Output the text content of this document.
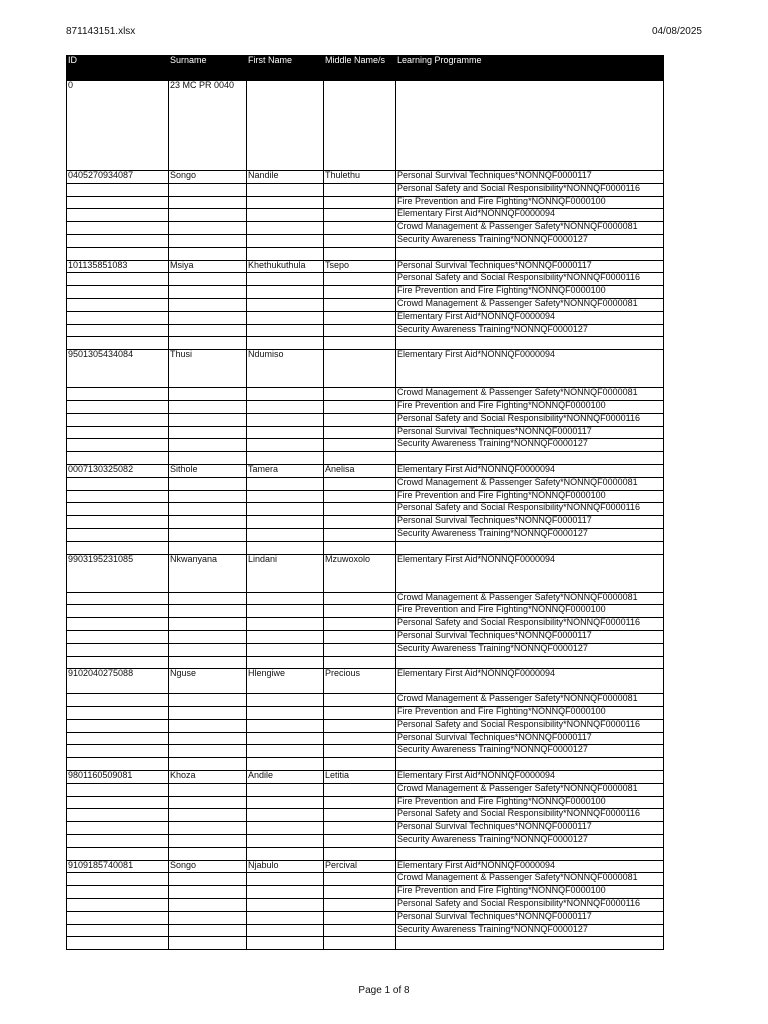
871143151.xlsx	04/08/2025
ID	Surname	First Name	Middle Name/s	Learning Programme
0	23 MC PR 0040			
0405270934087	Songo	Nandile	Thulethu	Personal Survival Techniques*NONNQF0000117
				Personal Safety and Social Responsibility*NONNQF0000116
				Fire Prevention and Fire Fighting*NONNQF0000100
				Elementary First Aid*NONNQF0000094
				Crowd Management & Passenger Safety*NONNQF0000081
				Security Awareness Training*NONNQF0000127

101135851083	Msiya	Khethukuthula	Tsepo	Personal Survival Techniques*NONNQF0000117
				Personal Safety and Social Responsibility*NONNQF0000116
				Fire Prevention and Fire Fighting*NONNQF0000100
				Crowd Management & Passenger Safety*NONNQF0000081
				Elementary First Aid*NONNQF0000094
				Security Awareness Training*NONNQF0000127

9501305434084	Thusi	Ndumiso		Elementary First Aid*NONNQF0000094
				Crowd Management & Passenger Safety*NONNQF0000081
				Fire Prevention and Fire Fighting*NONNQF0000100
				Personal Safety and Social Responsibility*NONNQF0000116
				Personal Survival Techniques*NONNQF0000117
				Security Awareness Training*NONNQF0000127

0007130325082	Sithole	Tamera	Anelisa	Elementary First Aid*NONNQF0000094
				Crowd Management & Passenger Safety*NONNQF0000081
				Fire Prevention and Fire Fighting*NONNQF0000100
				Personal Safety and Social Responsibility*NONNQF0000116
				Personal Survival Techniques*NONNQF0000117
				Security Awareness Training*NONNQF0000127

9903195231085	Nkwanyana	Lindani	Mzuwoxolo	Elementary First Aid*NONNQF0000094
				Crowd Management & Passenger Safety*NONNQF0000081
				Fire Prevention and Fire Fighting*NONNQF0000100
				Personal Safety and Social Responsibility*NONNQF0000116
				Personal Survival Techniques*NONNQF0000117
				Security Awareness Training*NONNQF0000127

9102040275088	Nguse	Hlengiwe	Precious	Elementary First Aid*NONNQF0000094
				Crowd Management & Passenger Safety*NONNQF0000081
				Fire Prevention and Fire Fighting*NONNQF0000100
				Personal Safety and Social Responsibility*NONNQF0000116
				Personal Survival Techniques*NONNQF0000117
				Security Awareness Training*NONNQF0000127

9801160509081	Khoza	Andile	Letitia	Elementary First Aid*NONNQF0000094
				Crowd Management & Passenger Safety*NONNQF0000081
				Fire Prevention and Fire Fighting*NONNQF0000100
				Personal Safety and Social Responsibility*NONNQF0000116
				Personal Survival Techniques*NONNQF0000117
				Security Awareness Training*NONNQF0000127

9109185740081	Songo	Njabulo	Percival	Elementary First Aid*NONNQF0000094
				Crowd Management & Passenger Safety*NONNQF0000081
				Fire Prevention and Fire Fighting*NONNQF0000100
				Personal Safety and Social Responsibility*NONNQF0000116
				Personal Survival Techniques*NONNQF0000117
				Security Awareness Training*NONNQF0000127

Page 1 of 8
